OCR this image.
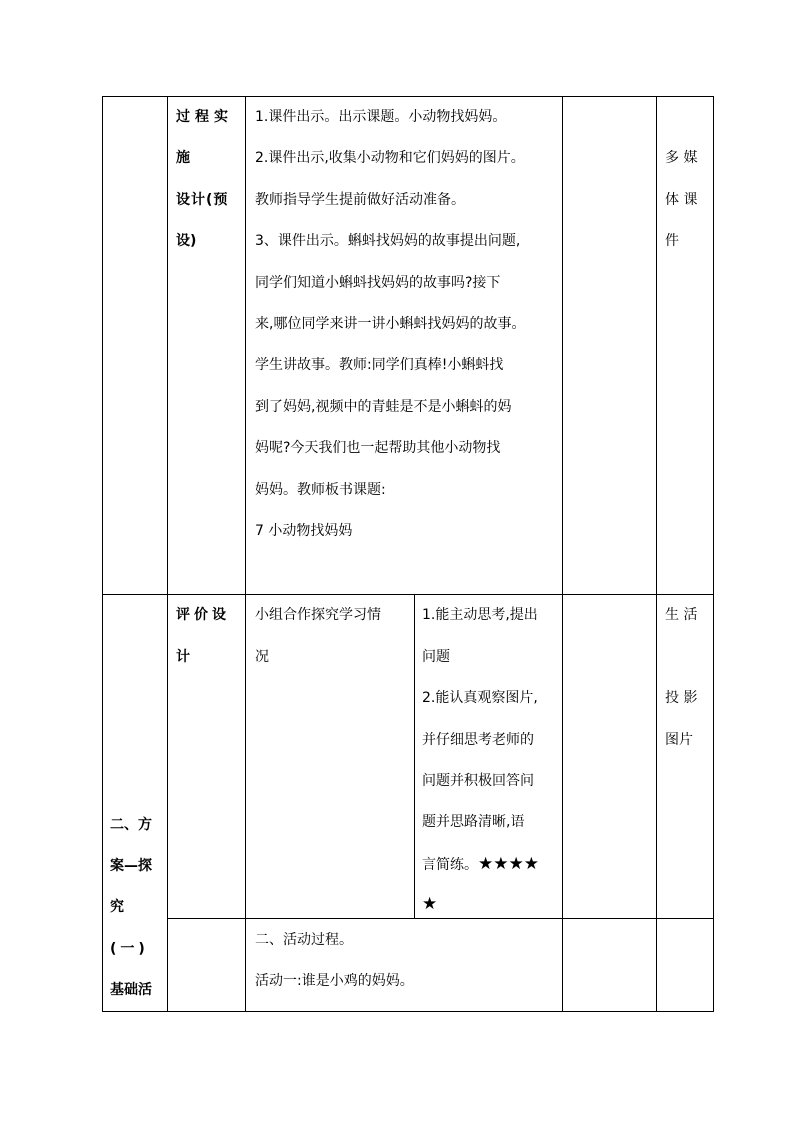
过程实
施
设计(预
设)
1.课件出示。出示课题。小动物找妈妈。
2.课件出示,收集小动物和它们妈妈的图片。
教师指导学生提前做好活动准备。
3、课件出示。蝌蚪找妈妈的故事提出问题,
同学们知道小蝌蚪找妈妈的故事吗?接下
来,哪位同学来讲一讲小蝌蚪找妈妈的故事。
学生讲故事。教师:同学们真棒!小蝌蚪找
到了妈妈,视频中的青蛙是不是小蝌蚪的妈
妈呢?今天我们也一起帮助其他小动物找
妈妈。教师板书课题:
7 小动物找妈妈
多 媒
体 课
件
二、方
案—探
究
(一)
基础活
评价设
计
小组合作探究学习情
况
1.能主动思考,提出
问题
2.能认真观察图片,
并仔细思考老师的
问题并积极回答问
题并思路清晰,语
言简练。★★★★
★
生 活
投 影
图片
二、活动过程。
活动一:谁是小鸡的妈妈。
